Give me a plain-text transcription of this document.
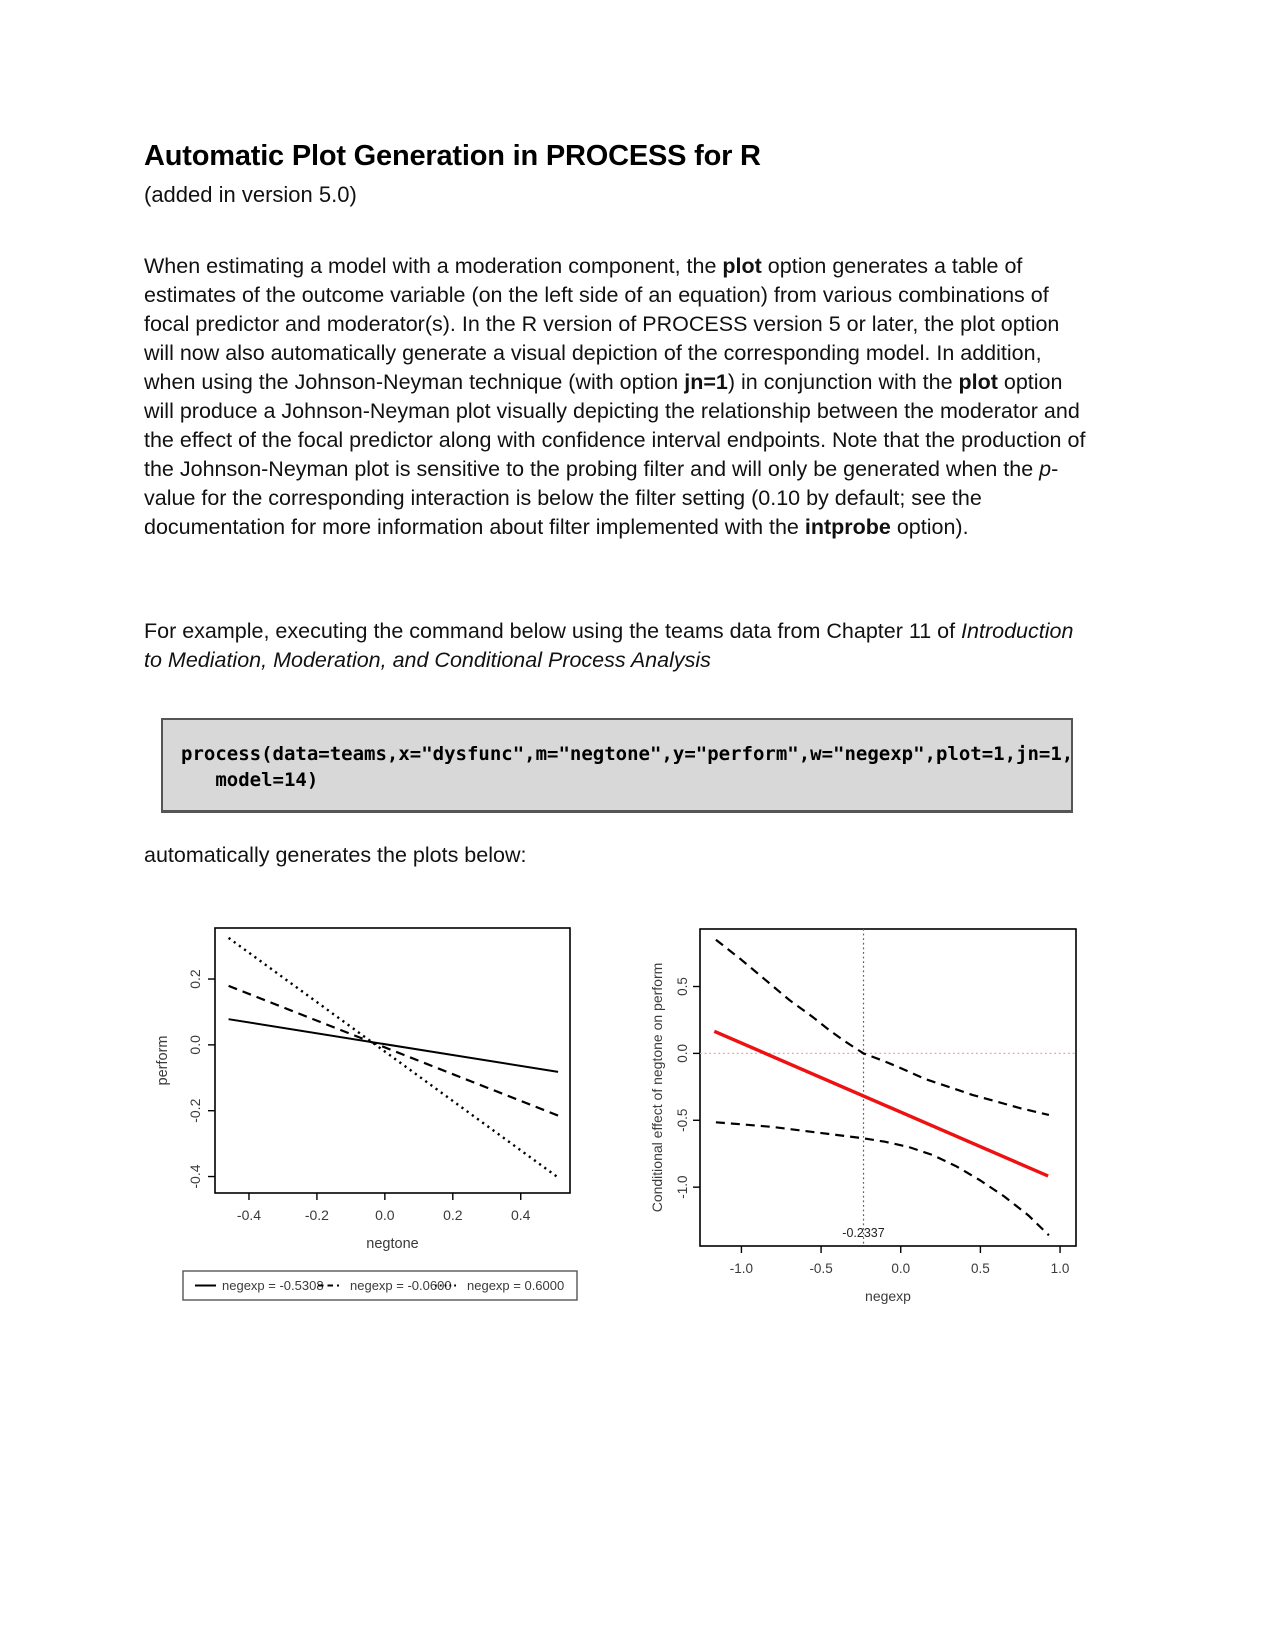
Automatic Plot Generation in PROCESS for R
(added in version 5.0)

When estimating a model with a moderation component, the plot option generates a table of estimates of the outcome variable (on the left side of an equation) from various combinations of focal predictor and moderator(s). In the R version of PROCESS version 5 or later, the plot option will now also automatically generate a visual depiction of the corresponding model. In addition, when using the Johnson-Neyman technique (with option jn=1) in conjunction with the plot option will produce a Johnson-Neyman plot visually depicting the relationship between the moderator and the effect of the focal predictor along with confidence interval endpoints. Note that the production of the Johnson-Neyman plot is sensitive to the probing filter and will only be generated when the p-value for the corresponding interaction is below the filter setting (0.10 by default; see the documentation for more information about filter implemented with the intprobe option).

For example, executing the command below using the teams data from Chapter 11 of Introduction to Mediation, Moderation, and Conditional Process Analysis

process(data=teams,x="dysfunc",m="negtone",y="perform",w="negexp",plot=1,jn=1,
model=14)

automatically generates the plots below:

-0.4	-0.2	0.0	0.2	0.4
-0.4
-0.2
0.0
0.2
negtone
perform
negexp = -0.5308 negexp = -0.0600 negexp = 0.6000
-1.0	-0.5	0.0	0.5	1.0
-1.0
-0.5
0.0
0.5
negexp
Conditional effect of negtone on perform
-0.2337
